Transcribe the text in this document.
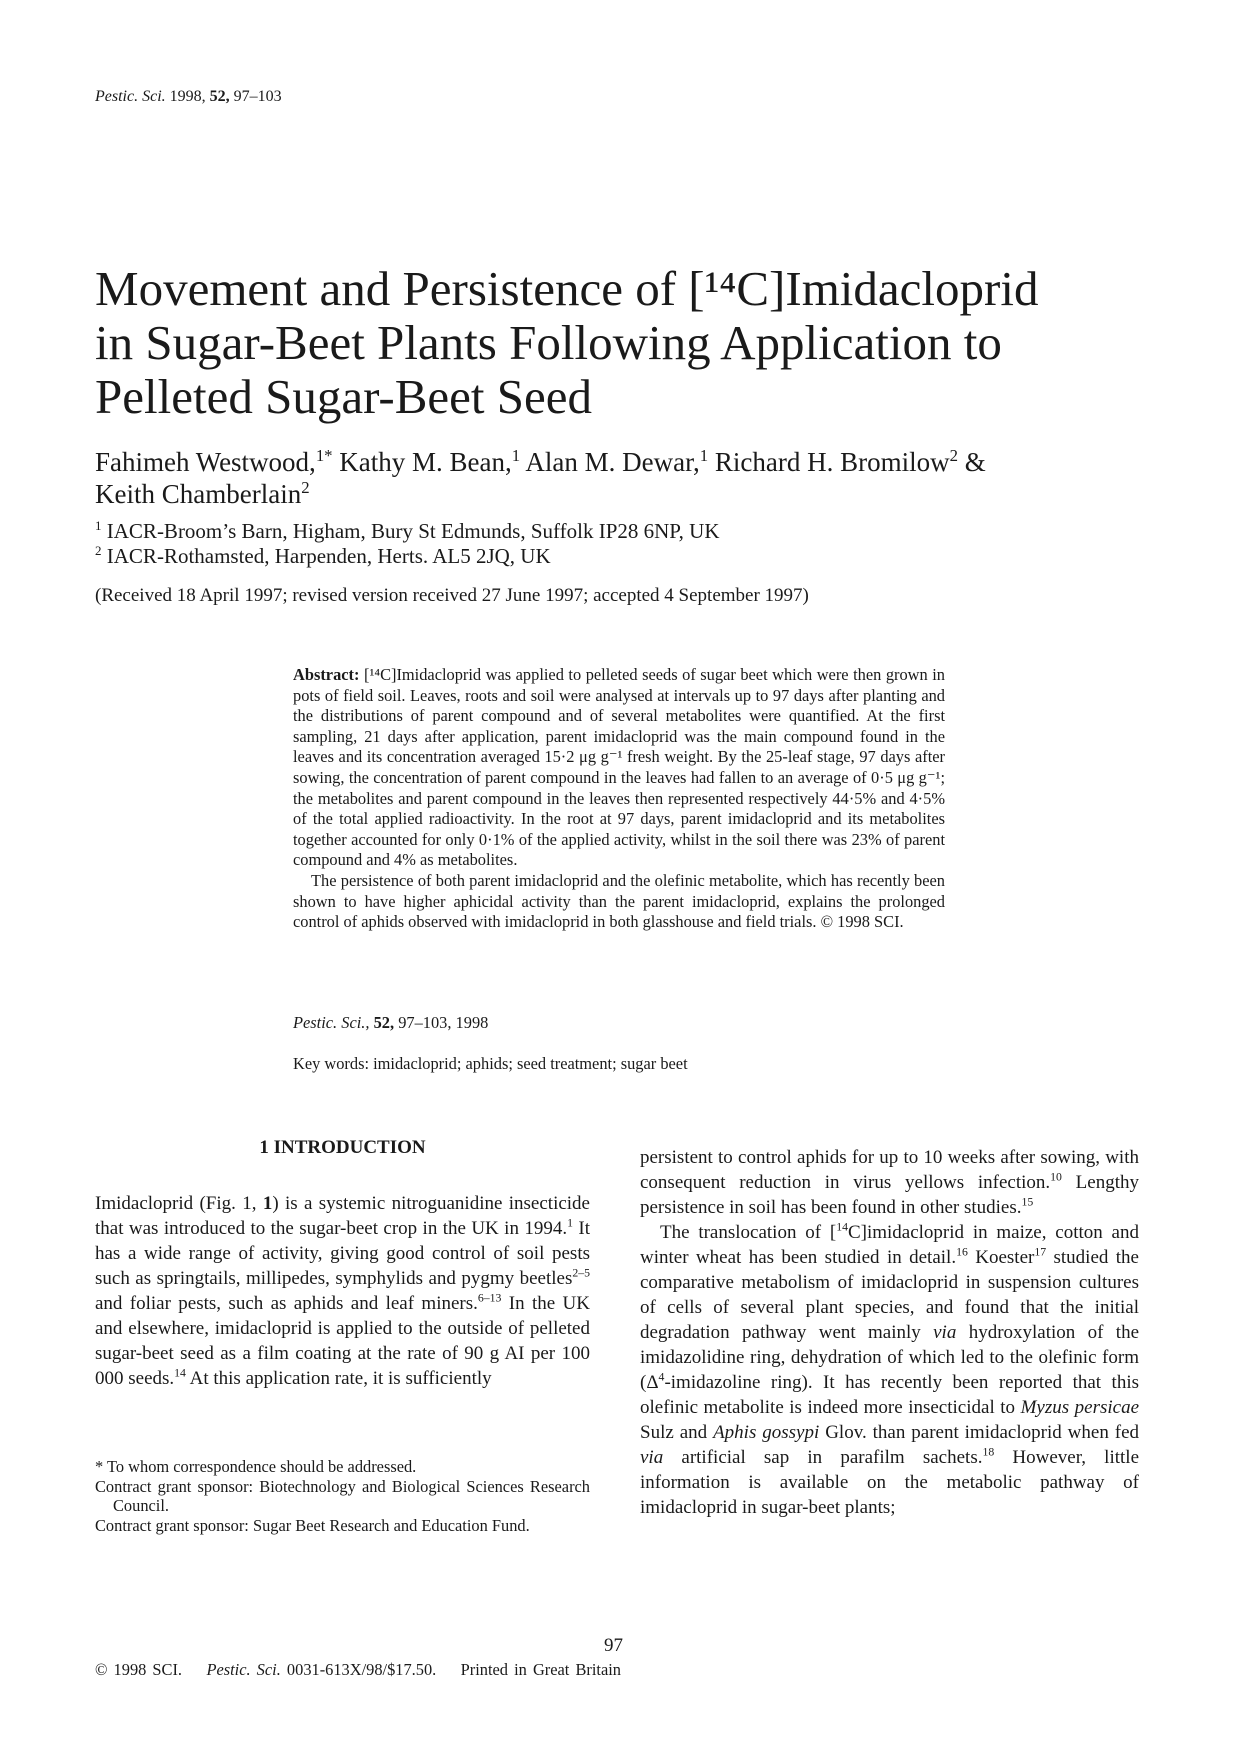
Pestic. Sci. 1998, 52, 97–103
Movement and Persistence of [¹⁴C]Imidacloprid
in Sugar-Beet Plants Following Application to
Pelleted Sugar-Beet Seed
Fahimeh Westwood,$^{1*}$ Kathy M. Bean,$^1$ Alan M. Dewar,$^1$ Richard H. Bromilow$^2$ &
Keith Chamberlain$^2$
$^1$ IACR-Broom’s Barn, Higham, Bury St Edmunds, Suffolk IP28 6NP, UK
$^2$ IACR-Rothamsted, Harpenden, Herts. AL5 2JQ, UK
(Received 18 April 1997; revised version received 27 June 1997; accepted 4 September 1997)

Abstract: [¹⁴C]Imidacloprid was applied to pelleted seeds of sugar beet which were then grown in pots of field soil. Leaves, roots and soil were analysed at intervals up to 97 days after planting and the distributions of parent compound and of several metabolites were quantified. At the first sampling, 21 days after application, parent imidacloprid was the main compound found in the leaves and its concentration averaged 15·2 μg g⁻¹ fresh weight. By the 25-leaf stage, 97 days after sowing, the concentration of parent compound in the leaves had fallen to an average of 0·5 μg g⁻¹; the metabolites and parent compound in the leaves then represented respectively 44·5% and 4·5% of the total applied radioactivity. In the root at 97 days, parent imidacloprid and its metabolites together accounted for only 0·1% of the applied activity, whilst in the soil there was 23% of parent compound and 4% as metabolites.

The persistence of both parent imidacloprid and the olefinic metabolite, which has recently been shown to have higher aphicidal activity than the parent imidacloprid, explains the prolonged control of aphids observed with imidacloprid in both glasshouse and field trials. © 1998 SCI.

Pestic. Sci., 52, 97–103, 1998
Key words: imidacloprid; aphids; seed treatment; sugar beet

1 INTRODUCTION

Imidacloprid (Fig. 1, 1) is a systemic nitroguanidine insecticide that was introduced to the sugar-beet crop in the UK in 1994.$^1$ It has a wide range of activity, giving good control of soil pests such as springtails, millipedes, symphylids and pygmy beetles$^{2-5}$ and foliar pests, such as aphids and leaf miners.$^{6-13}$ In the UK and elsewhere, imidacloprid is applied to the outside of pelleted sugar-beet seed as a film coating at the rate of 90 g AI per 100 000 seeds.$^{14}$ At this application rate, it is sufficiently

* To whom correspondence should be addressed.

Contract grant sponsor: Biotechnology and Biological Sciences Research Council.

Contract grant sponsor: Sugar Beet Research and Education Fund.

persistent to control aphids for up to 10 weeks after sowing, with consequent reduction in virus yellows infection.$^{10}$ Lengthy persistence in soil has been found in other studies.$^{15}$

The translocation of [$^{14}$C]imidacloprid in maize, cotton and winter wheat has been studied in detail.$^{16}$ Koester$^{17}$ studied the comparative metabolism of imidacloprid in suspension cultures of cells of several plant species, and found that the initial degradation pathway went mainly via hydroxylation of the imidazolidine ring, dehydration of which led to the olefinic form ($\Delta^4$-imidazoline ring). It has recently been reported that this olefinic metabolite is indeed more insecticidal to Myzus persicae Sulz and Aphis gossypi Glov. than parent imidacloprid when fed via artificial sap in parafilm sachets.$^{18}$ However, little information is available on the metabolic pathway of imidacloprid in sugar-beet plants;

97
© 1998 SCI. Pestic. Sci. 0031-613X/98/$17.50. Printed in Great Britain
